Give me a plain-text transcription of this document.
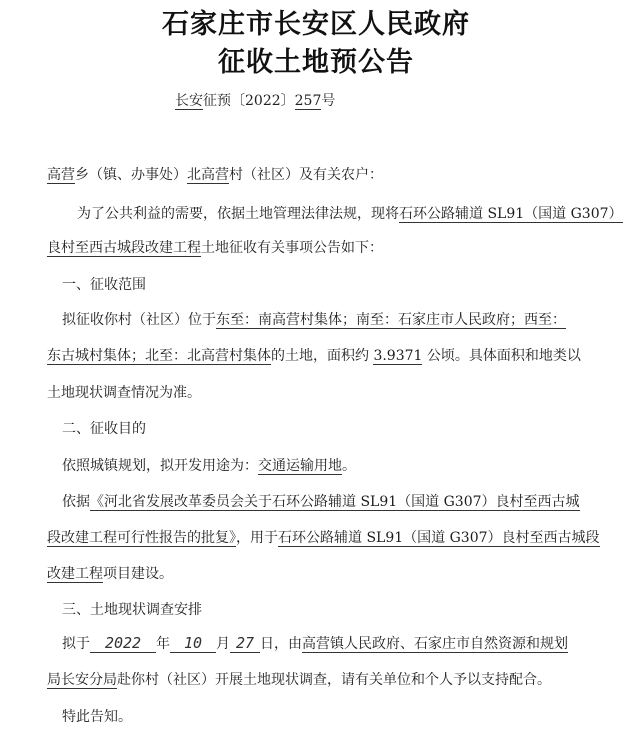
石家庄市长安区人民政府
征收土地预公告
长安征预〔2022〕257号
高营乡（镇、办事处）北高营村（社区）及有关农户：
为了公共利益的需要，依据土地管理法律法规，现将石环公路辅道 SL91（国道 G307）
良村至西古城段改建工程土地征收有关事项公告如下：
一、征收范围
拟征收你村（社区）位于东至：南高营村集体；南至：石家庄市人民政府；西至：
东古城村集体；北至：北高营村集体的土地，面积约 3.9371 公顷。具体面积和地类以
土地现状调查情况为准。
二、征收目的
依照城镇规划，拟开发用途为：交通运输用地。
依据《河北省发展改革委员会关于石环公路辅道 SL91（国道 G307）良村至西古城
段改建工程可行性报告的批复》，用于石环公路辅道 SL91（国道 G307）良村至西古城段
改建工程项目建设。
三、土地现状调查安排
拟于 2022 年 10 月 27 日，由高营镇人民政府、石家庄市自然资源和规划
局长安分局赴你村（社区）开展土地现状调查，请有关单位和个人予以支持配合。
特此告知。
